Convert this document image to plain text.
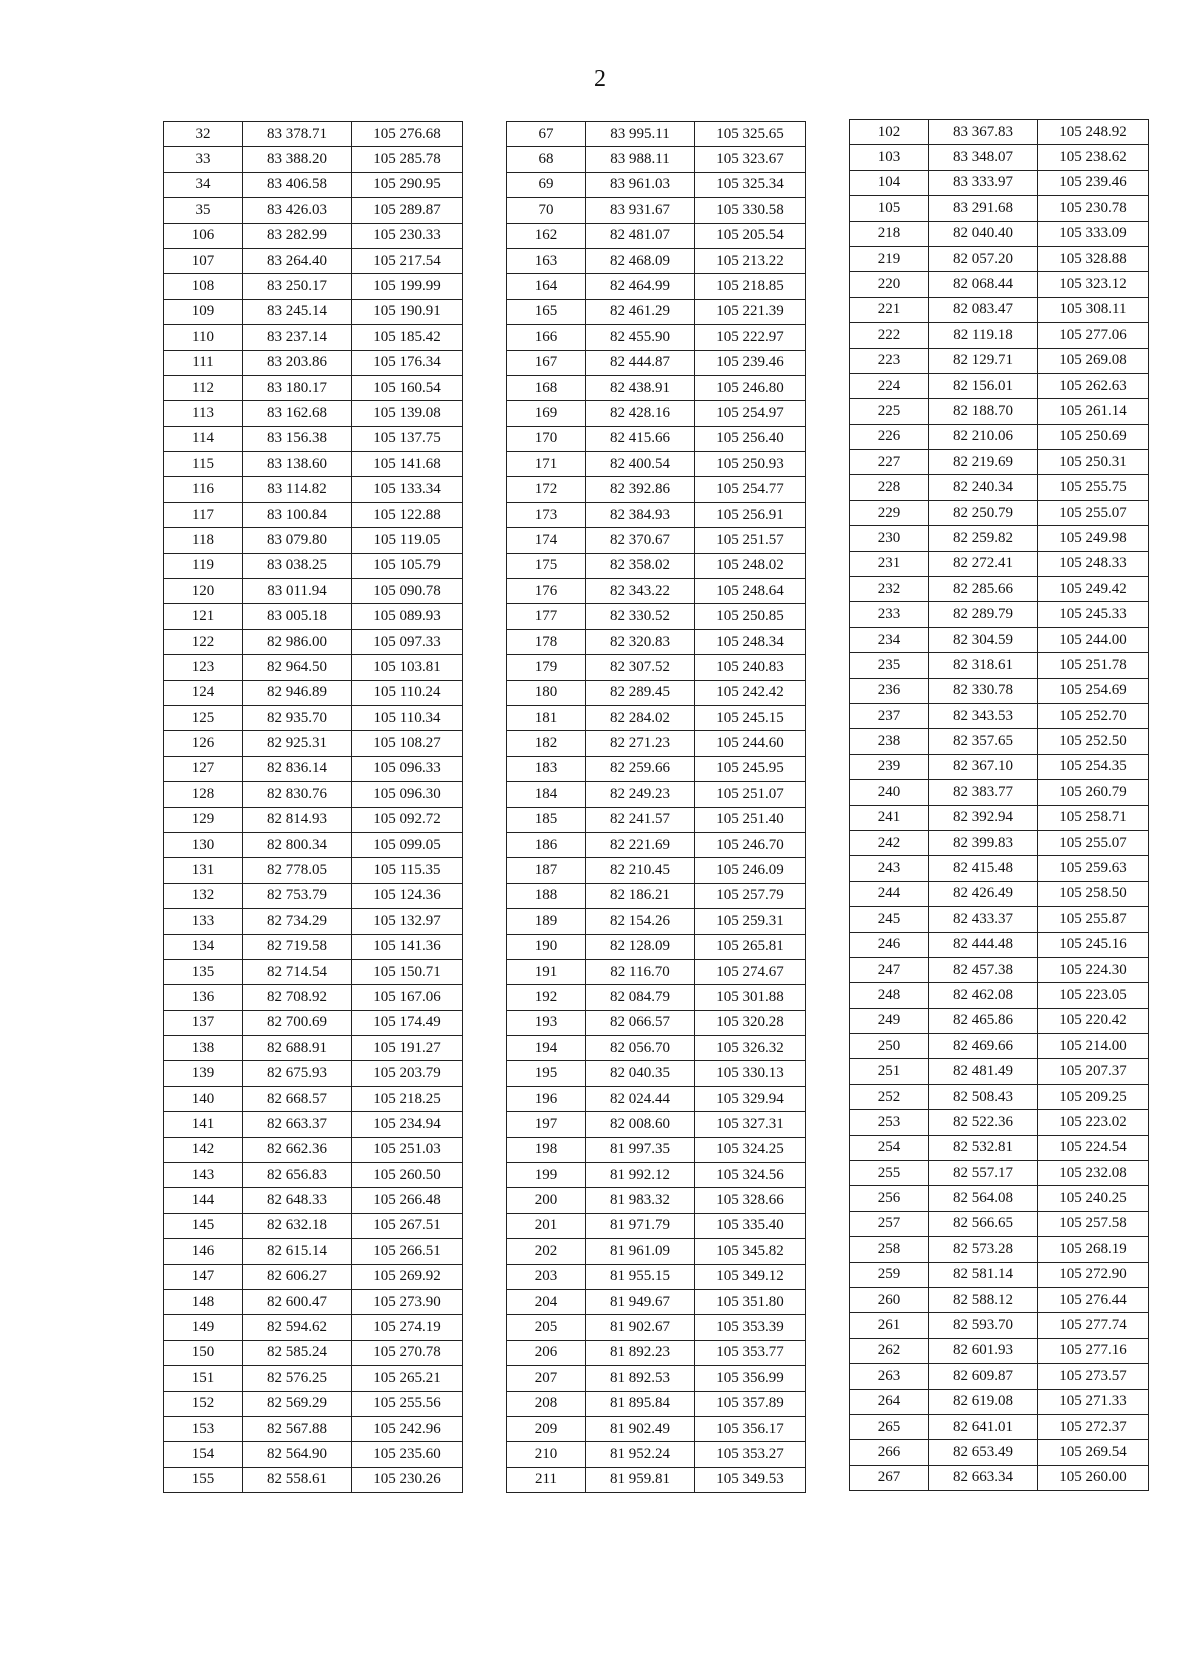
2
32	83 378.71	105 276.68
33	83 388.20	105 285.78
34	83 406.58	105 290.95
35	83 426.03	105 289.87
106	83 282.99	105 230.33
107	83 264.40	105 217.54
108	83 250.17	105 199.99
109	83 245.14	105 190.91
110	83 237.14	105 185.42
111	83 203.86	105 176.34
112	83 180.17	105 160.54
113	83 162.68	105 139.08
114	83 156.38	105 137.75
115	83 138.60	105 141.68
116	83 114.82	105 133.34
117	83 100.84	105 122.88
118	83 079.80	105 119.05
119	83 038.25	105 105.79
120	83 011.94	105 090.78
121	83 005.18	105 089.93
122	82 986.00	105 097.33
123	82 964.50	105 103.81
124	82 946.89	105 110.24
125	82 935.70	105 110.34
126	82 925.31	105 108.27
127	82 836.14	105 096.33
128	82 830.76	105 096.30
129	82 814.93	105 092.72
130	82 800.34	105 099.05
131	82 778.05	105 115.35
132	82 753.79	105 124.36
133	82 734.29	105 132.97
134	82 719.58	105 141.36
135	82 714.54	105 150.71
136	82 708.92	105 167.06
137	82 700.69	105 174.49
138	82 688.91	105 191.27
139	82 675.93	105 203.79
140	82 668.57	105 218.25
141	82 663.37	105 234.94
142	82 662.36	105 251.03
143	82 656.83	105 260.50
144	82 648.33	105 266.48
145	82 632.18	105 267.51
146	82 615.14	105 266.51
147	82 606.27	105 269.92
148	82 600.47	105 273.90
149	82 594.62	105 274.19
150	82 585.24	105 270.78
151	82 576.25	105 265.21
152	82 569.29	105 255.56
153	82 567.88	105 242.96
154	82 564.90	105 235.60
155	82 558.61	105 230.26
67	83 995.11	105 325.65
68	83 988.11	105 323.67
69	83 961.03	105 325.34
70	83 931.67	105 330.58
162	82 481.07	105 205.54
163	82 468.09	105 213.22
164	82 464.99	105 218.85
165	82 461.29	105 221.39
166	82 455.90	105 222.97
167	82 444.87	105 239.46
168	82 438.91	105 246.80
169	82 428.16	105 254.97
170	82 415.66	105 256.40
171	82 400.54	105 250.93
172	82 392.86	105 254.77
173	82 384.93	105 256.91
174	82 370.67	105 251.57
175	82 358.02	105 248.02
176	82 343.22	105 248.64
177	82 330.52	105 250.85
178	82 320.83	105 248.34
179	82 307.52	105 240.83
180	82 289.45	105 242.42
181	82 284.02	105 245.15
182	82 271.23	105 244.60
183	82 259.66	105 245.95
184	82 249.23	105 251.07
185	82 241.57	105 251.40
186	82 221.69	105 246.70
187	82 210.45	105 246.09
188	82 186.21	105 257.79
189	82 154.26	105 259.31
190	82 128.09	105 265.81
191	82 116.70	105 274.67
192	82 084.79	105 301.88
193	82 066.57	105 320.28
194	82 056.70	105 326.32
195	82 040.35	105 330.13
196	82 024.44	105 329.94
197	82 008.60	105 327.31
198	81 997.35	105 324.25
199	81 992.12	105 324.56
200	81 983.32	105 328.66
201	81 971.79	105 335.40
202	81 961.09	105 345.82
203	81 955.15	105 349.12
204	81 949.67	105 351.80
205	81 902.67	105 353.39
206	81 892.23	105 353.77
207	81 892.53	105 356.99
208	81 895.84	105 357.89
209	81 902.49	105 356.17
210	81 952.24	105 353.27
211	81 959.81	105 349.53
102	83 367.83	105 248.92
103	83 348.07	105 238.62
104	83 333.97	105 239.46
105	83 291.68	105 230.78
218	82 040.40	105 333.09
219	82 057.20	105 328.88
220	82 068.44	105 323.12
221	82 083.47	105 308.11
222	82 119.18	105 277.06
223	82 129.71	105 269.08
224	82 156.01	105 262.63
225	82 188.70	105 261.14
226	82 210.06	105 250.69
227	82 219.69	105 250.31
228	82 240.34	105 255.75
229	82 250.79	105 255.07
230	82 259.82	105 249.98
231	82 272.41	105 248.33
232	82 285.66	105 249.42
233	82 289.79	105 245.33
234	82 304.59	105 244.00
235	82 318.61	105 251.78
236	82 330.78	105 254.69
237	82 343.53	105 252.70
238	82 357.65	105 252.50
239	82 367.10	105 254.35
240	82 383.77	105 260.79
241	82 392.94	105 258.71
242	82 399.83	105 255.07
243	82 415.48	105 259.63
244	82 426.49	105 258.50
245	82 433.37	105 255.87
246	82 444.48	105 245.16
247	82 457.38	105 224.30
248	82 462.08	105 223.05
249	82 465.86	105 220.42
250	82 469.66	105 214.00
251	82 481.49	105 207.37
252	82 508.43	105 209.25
253	82 522.36	105 223.02
254	82 532.81	105 224.54
255	82 557.17	105 232.08
256	82 564.08	105 240.25
257	82 566.65	105 257.58
258	82 573.28	105 268.19
259	82 581.14	105 272.90
260	82 588.12	105 276.44
261	82 593.70	105 277.74
262	82 601.93	105 277.16
263	82 609.87	105 273.57
264	82 619.08	105 271.33
265	82 641.01	105 272.37
266	82 653.49	105 269.54
267	82 663.34	105 260.00
